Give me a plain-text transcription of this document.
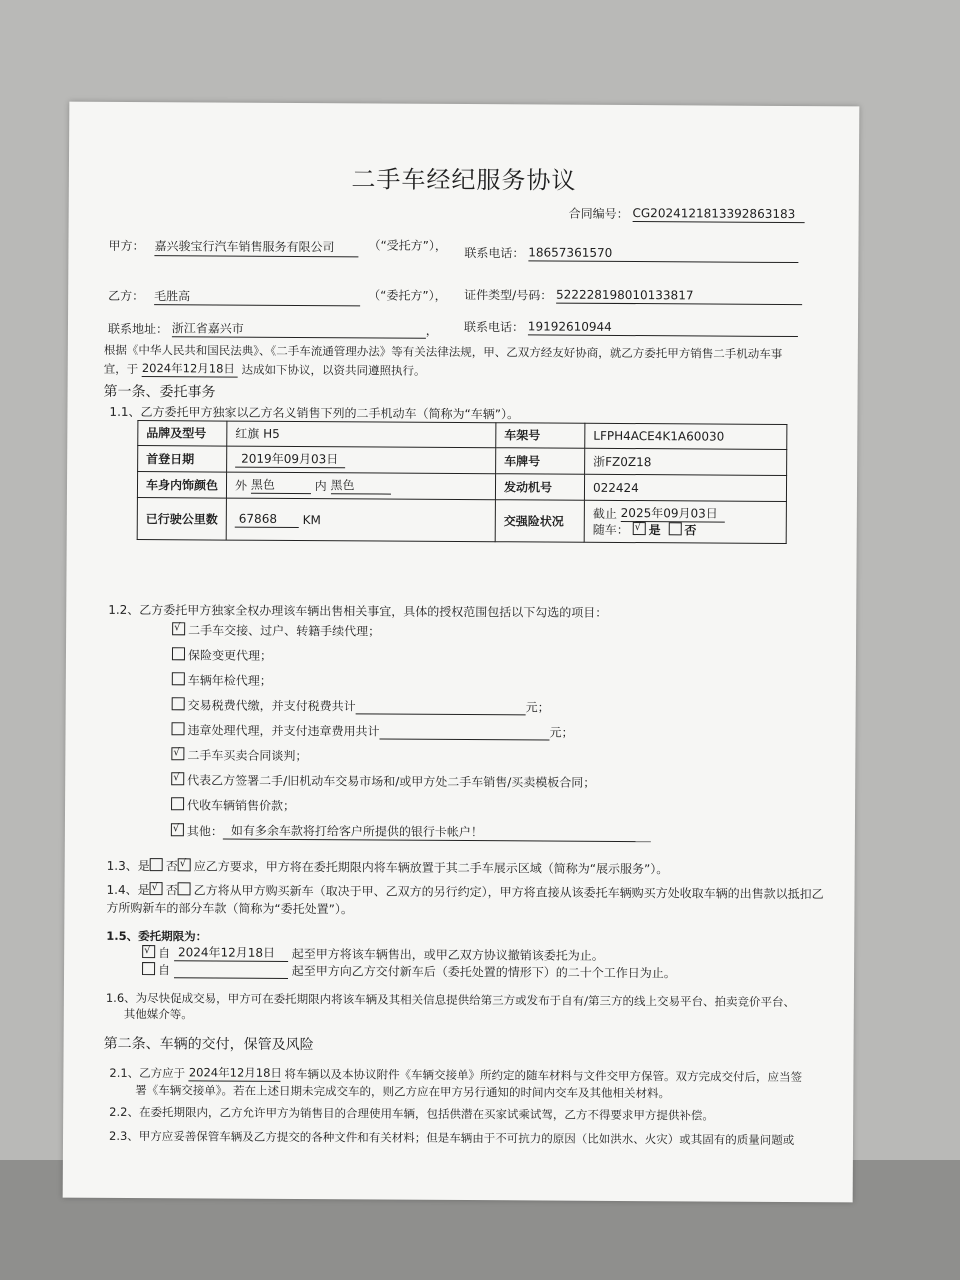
二手车经纪服务协议
合同编号： CG2024121813392863183
甲方： 嘉兴骏宝行汽车销售服务有限公司	（“受托方”），
联系电话： 18657361570
乙方： 毛胜高	（“委托方”）， 证件类型/号码： 522228198010133817
联系地址： 浙江省嘉兴市	， 联系电话： 19192610944
根据《中华人民共和国民法典》、《二手车流通管理办法》等有关法律法规，甲、乙双方经友好协商，就乙方委托甲方销售二手机动车事
宜，于 2024年12月18日 达成如下协议，以资共同遵照执行。
第一条、委托事务
1.1、乙方委托甲方独家以乙方名义销售下列的二手机动车（简称为“车辆”）。
品牌及型号	红旗 H5	车架号	LFPH4ACE4K1A60030
首登日期	2019年09月03日	车牌号	浙FZ0Z18
车身内饰颜色	外 黑色 内 黑色	发动机号	022424
已行驶公里数	67868 KM	交强险状况	截止 2025年09月03日
随车： √ 是 否
1.2、乙方委托甲方独家全权办理该车辆出售相关事宜，具体的授权范围包括以下勾选的项目：
√二手车交接、过户、转籍手续代理；
保险变更代理；
车辆年检代理；
交易税费代缴，并支付税费共计	元；
违章处理代理，并支付违章费用共计	元；
√二手车买卖合同谈判；
√代表乙方签署二手/旧机动车交易市场和/或甲方处二手车销售/买卖模板合同；
代收车辆销售价款；
√其他： 如有多余车款将打给客户所提供的银行卡帐户！
1.3、是 否 √ 应乙方要求，甲方将在委托期限内将车辆放置于其二手车展示区域（简称为“展示服务”）。
1.4、是 √ 否 乙方将从甲方购买新车（取决于甲、乙双方的另行约定），甲方将直接从该委托车辆购买方处收取车辆的出售款以抵扣乙
方所购新车的部分车款（简称为“委托处置”）。
1.5、委托期限为：
√自 2024年12月18日 起至甲方将该车辆售出，或甲乙双方协议撤销该委托为止。
自	起至甲方向乙方交付新车后（委托处置的情形下）的二十个工作日为止。
1.6、为尽快促成交易，甲方可在委托期限内将该车辆及其相关信息提供给第三方或发布于自有/第三方的线上交易平台、拍卖竞价平台、
其他媒介等。
第二条、车辆的交付，保管及风险
2.1、乙方应于 2024年12月18日 将车辆以及本协议附件《车辆交接单》所约定的随车材料与文件交甲方保管。双方完成交付后，应当签
署《车辆交接单》。若在上述日期未完成交车的，则乙方应在甲方另行通知的时间内交车及其他相关材料。
2.2、在委托期限内，乙方允许甲方为销售目的合理使用车辆，包括供潜在买家试乘试驾，乙方不得要求甲方提供补偿。
2.3、甲方应妥善保管车辆及乙方提交的各种文件和有关材料；但是车辆由于不可抗力的原因（比如洪水、火灾）或其固有的质量问题或
